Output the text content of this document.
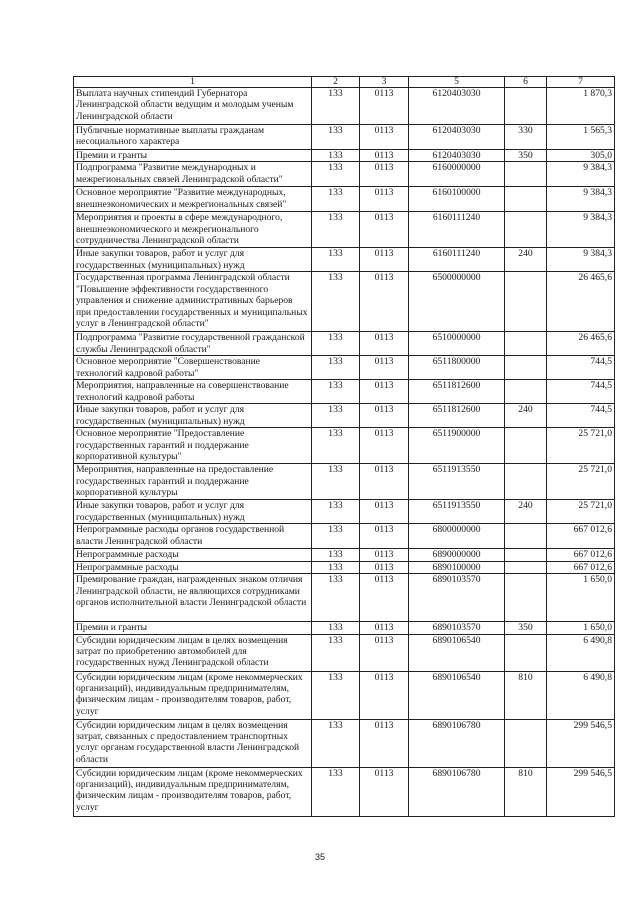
1	2	3	5	6	7
Выплата научных стипендий Губернатора Ленинградской области ведущим и молодым ученым Ленинградской области	133	0113	6120403030		1 870,3
Публичные нормативные выплаты гражданам несоциального характера	133	0113	6120403030	330	1 565,3
Премии и гранты	133	0113	6120403030	350	305,0
Подпрограмма "Развитие международных и межрегиональных связей Ленинградской области"	133	0113	6160000000		9 384,3
Основное мероприятие "Развитие международных, внешнеэкономических и межрегиональных связей"	133	0113	6160100000		9 384,3
Мероприятия и проекты в сфере международного, внешнеэкономического и межрегионального сотрудничества Ленинградской области	133	0113	6160111240		9 384,3
Иные закупки товаров, работ и услуг для государственных (муниципальных) нужд	133	0113	6160111240	240	9 384,3
Государственная программа Ленинградской области "Повышение эффективности государственного управления и снижение административных барьеров при предоставлении государственных и муниципальных услуг в Ленинградской области"	133	0113	6500000000		26 465,6
Подпрограмма "Развитие государственной гражданской службы Ленинградской области"	133	0113	6510000000		26 465,6
Основное мероприятие "Совершенствование технологий кадровой работы"	133	0113	6511800000		744,5
Мероприятия, направленные на совершенствование технологий кадровой работы	133	0113	6511812600		744,5
Иные закупки товаров, работ и услуг для государственных (муниципальных) нужд	133	0113	6511812600	240	744,5
Основное мероприятие "Предоставление государственных гарантий и поддержание корпоративной культуры"	133	0113	6511900000		25 721,0
Мероприятия, направленные на предоставление государственных гарантий и поддержание корпоративной культуры	133	0113	6511913550		25 721,0
Иные закупки товаров, работ и услуг для государственных (муниципальных) нужд	133	0113	6511913550	240	25 721,0
Непрограммные расходы органов государственной власти Ленинградской области	133	0113	6800000000		667 012,6
Непрограммные расходы	133	0113	6890000000		667 012,6
Непрограммные расходы	133	0113	6890100000		667 012,6
Премирование граждан, награжденных знаком отличия Ленинградской области, не являющихся сотрудниками органов исполнительной власти Ленинградской области	133	0113	6890103570		1 650,0
Премии и гранты	133	0113	6890103570	350	1 650,0
Субсидии юридическим лицам в целях возмещения затрат по приобретению автомобилей для государственных нужд Ленинградской области	133	0113	6890106540		6 490,8
Субсидии юридическим лицам (кроме некоммерческих организаций), индивидуальным предпринимателям, физическим лицам - производителям товаров, работ, услуг	133	0113	6890106540	810	6 490,8
Субсидии юридическим лицам в целях возмещения затрат, связанных с предоставлением транспортных услуг органам государственной власти Ленинградской области	133	0113	6890106780		299 546,5
Субсидии юридическим лицам (кроме некоммерческих организаций), индивидуальным предпринимателям, физическим лицам - производителям товаров, работ, услуг	133	0113	6890106780	810	299 546,5
35
